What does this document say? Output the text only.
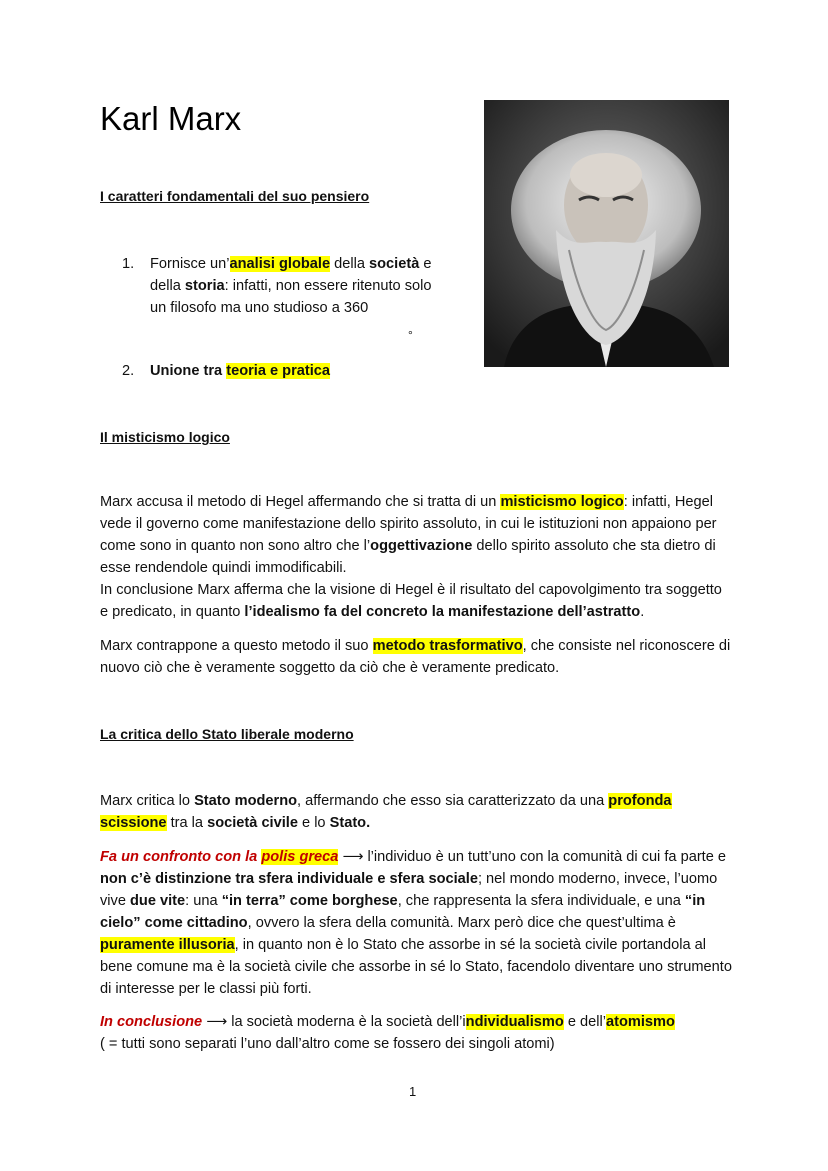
Karl Marx
I caratteri fondamentali del suo pensiero
1.	Fornisce un’analisi globale della società e della storia: infatti, non essere ritenuto solo un filosofo ma uno studioso a 360
°
2.	Unione tra teoria e pratica
Il misticismo logico

Marx accusa il metodo di Hegel affermando che si tratta di un misticismo logico: infatti, Hegel vede il governo come manifestazione dello spirito assoluto, in cui le istituzioni non appaiono per come sono in quanto non sono altro che l’oggettivazione dello spirito assoluto che sta dietro di esse rendendole quindi immodificabili.
In conclusione Marx afferma che la visione di Hegel è il risultato del capovolgimento tra soggetto e predicato, in quanto l’idealismo fa del concreto la manifestazione dell’astratto.

Marx contrappone a questo metodo il suo metodo trasformativo, che consiste nel riconoscere di nuovo ciò che è veramente soggetto da ciò che è veramente predicato.

La critica dello Stato liberale moderno

Marx critica lo Stato moderno, affermando che esso sia caratterizzato da una profonda scissione tra la società civile e lo Stato.

Fa un confronto con la polis greca ⟶ l’individuo è un tutt’uno con la comunità di cui fa parte e non c’è distinzione tra sfera individuale e sfera sociale; nel mondo moderno, invece, l’uomo vive due vite: una “in terra” come borghese, che rappresenta la sfera individuale, e una “in cielo” come cittadino, ovvero la sfera della comunità. Marx però dice che quest’ultima è puramente illusoria, in quanto non è lo Stato che assorbe in sé la società civile portandola al bene comune ma è la società civile che assorbe in sé lo Stato, facendolo diventare uno strumento di interesse per le classi più forti.

In conclusione ⟶ la società moderna è la società dell’individualismo e dell’atomismo
( = tutti sono separati l’uno dall’altro come se fossero dei singoli atomi)

1
